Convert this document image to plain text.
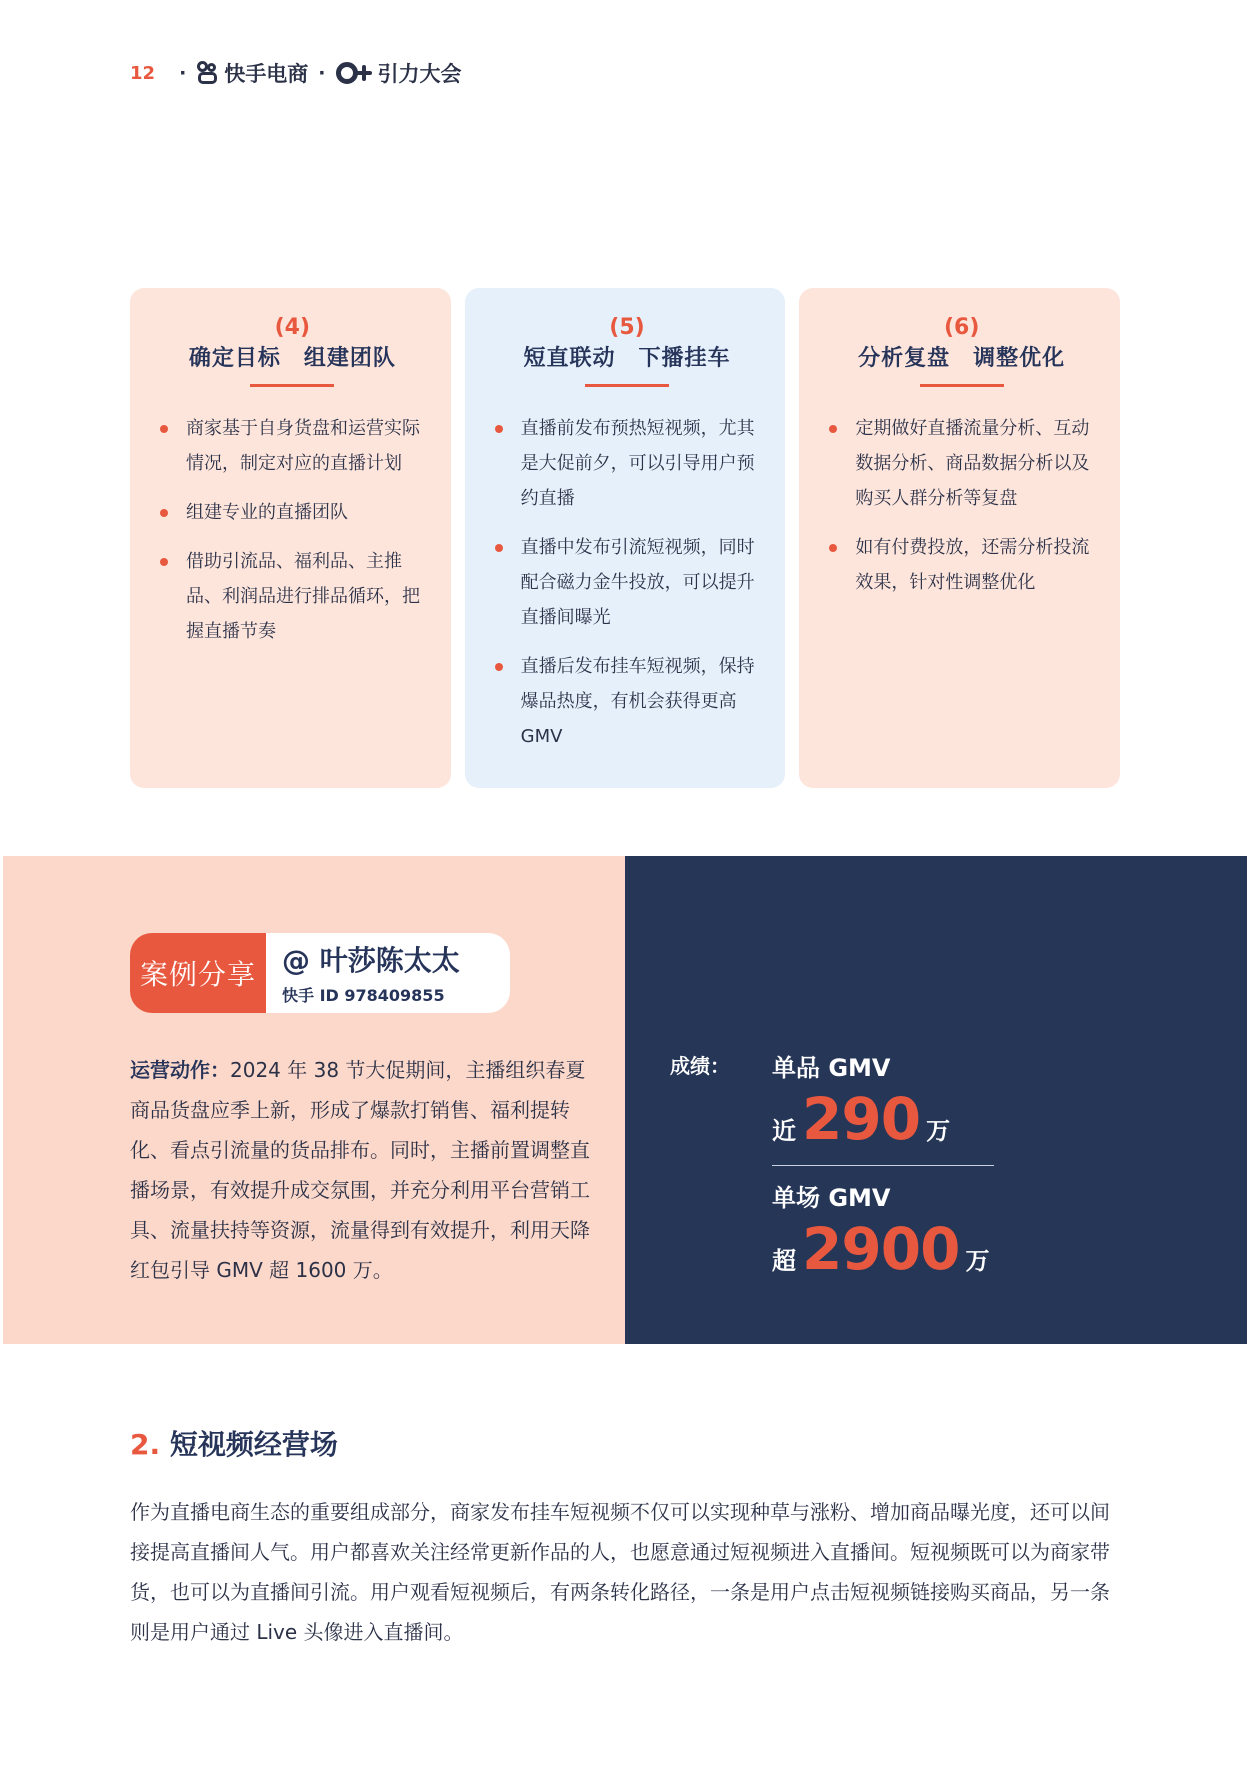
12 · 快手电商 · 引力大会
(4)
确定目标　组建团队
商家基于自身货盘和运营实际情况，制定对应的直播计划
组建专业的直播团队
借助引流品、福利品、主推品、利润品进行排品循环，把握直播节奏
(5)
短直联动　下播挂车
直播前发布预热短视频，尤其是大促前夕，可以引导用户预约直播
直播中发布引流短视频，同时配合磁力金牛投放，可以提升直播间曝光
直播后发布挂车短视频，保持爆品热度，有机会获得更高 GMV
(6)
分析复盘　调整优化
定期做好直播流量分析、互动数据分析、商品数据分析以及购买人群分析等复盘
如有付费投放，还需分析投流效果，针对性调整优化
案例分享 @ 叶莎陈太太
快手 ID 978409855
运营动作：2024 年 38 节大促期间，主播组织春夏商品货盘应季上新，形成了爆款打销售、福利提转化、看点引流量的货品排布。同时，主播前置调整直播场景，有效提升成交氛围，并充分利用平台营销工具、流量扶持等资源，流量得到有效提升，利用天降红包引导 GMV 超 1600 万。
成绩：	单品 GMV
近 290 万
单场 GMV
超 2900 万
2. 短视频经营场
作为直播电商生态的重要组成部分，商家发布挂车短视频不仅可以实现种草与涨粉、增加商品曝光度，还可以间接提高直播间人气。用户都喜欢关注经常更新作品的人，也愿意通过短视频进入直播间。短视频既可以为商家带货，也可以为直播间引流。用户观看短视频后，有两条转化路径，一条是用户点击短视频链接购买商品，另一条则是用户通过 Live 头像进入直播间。
